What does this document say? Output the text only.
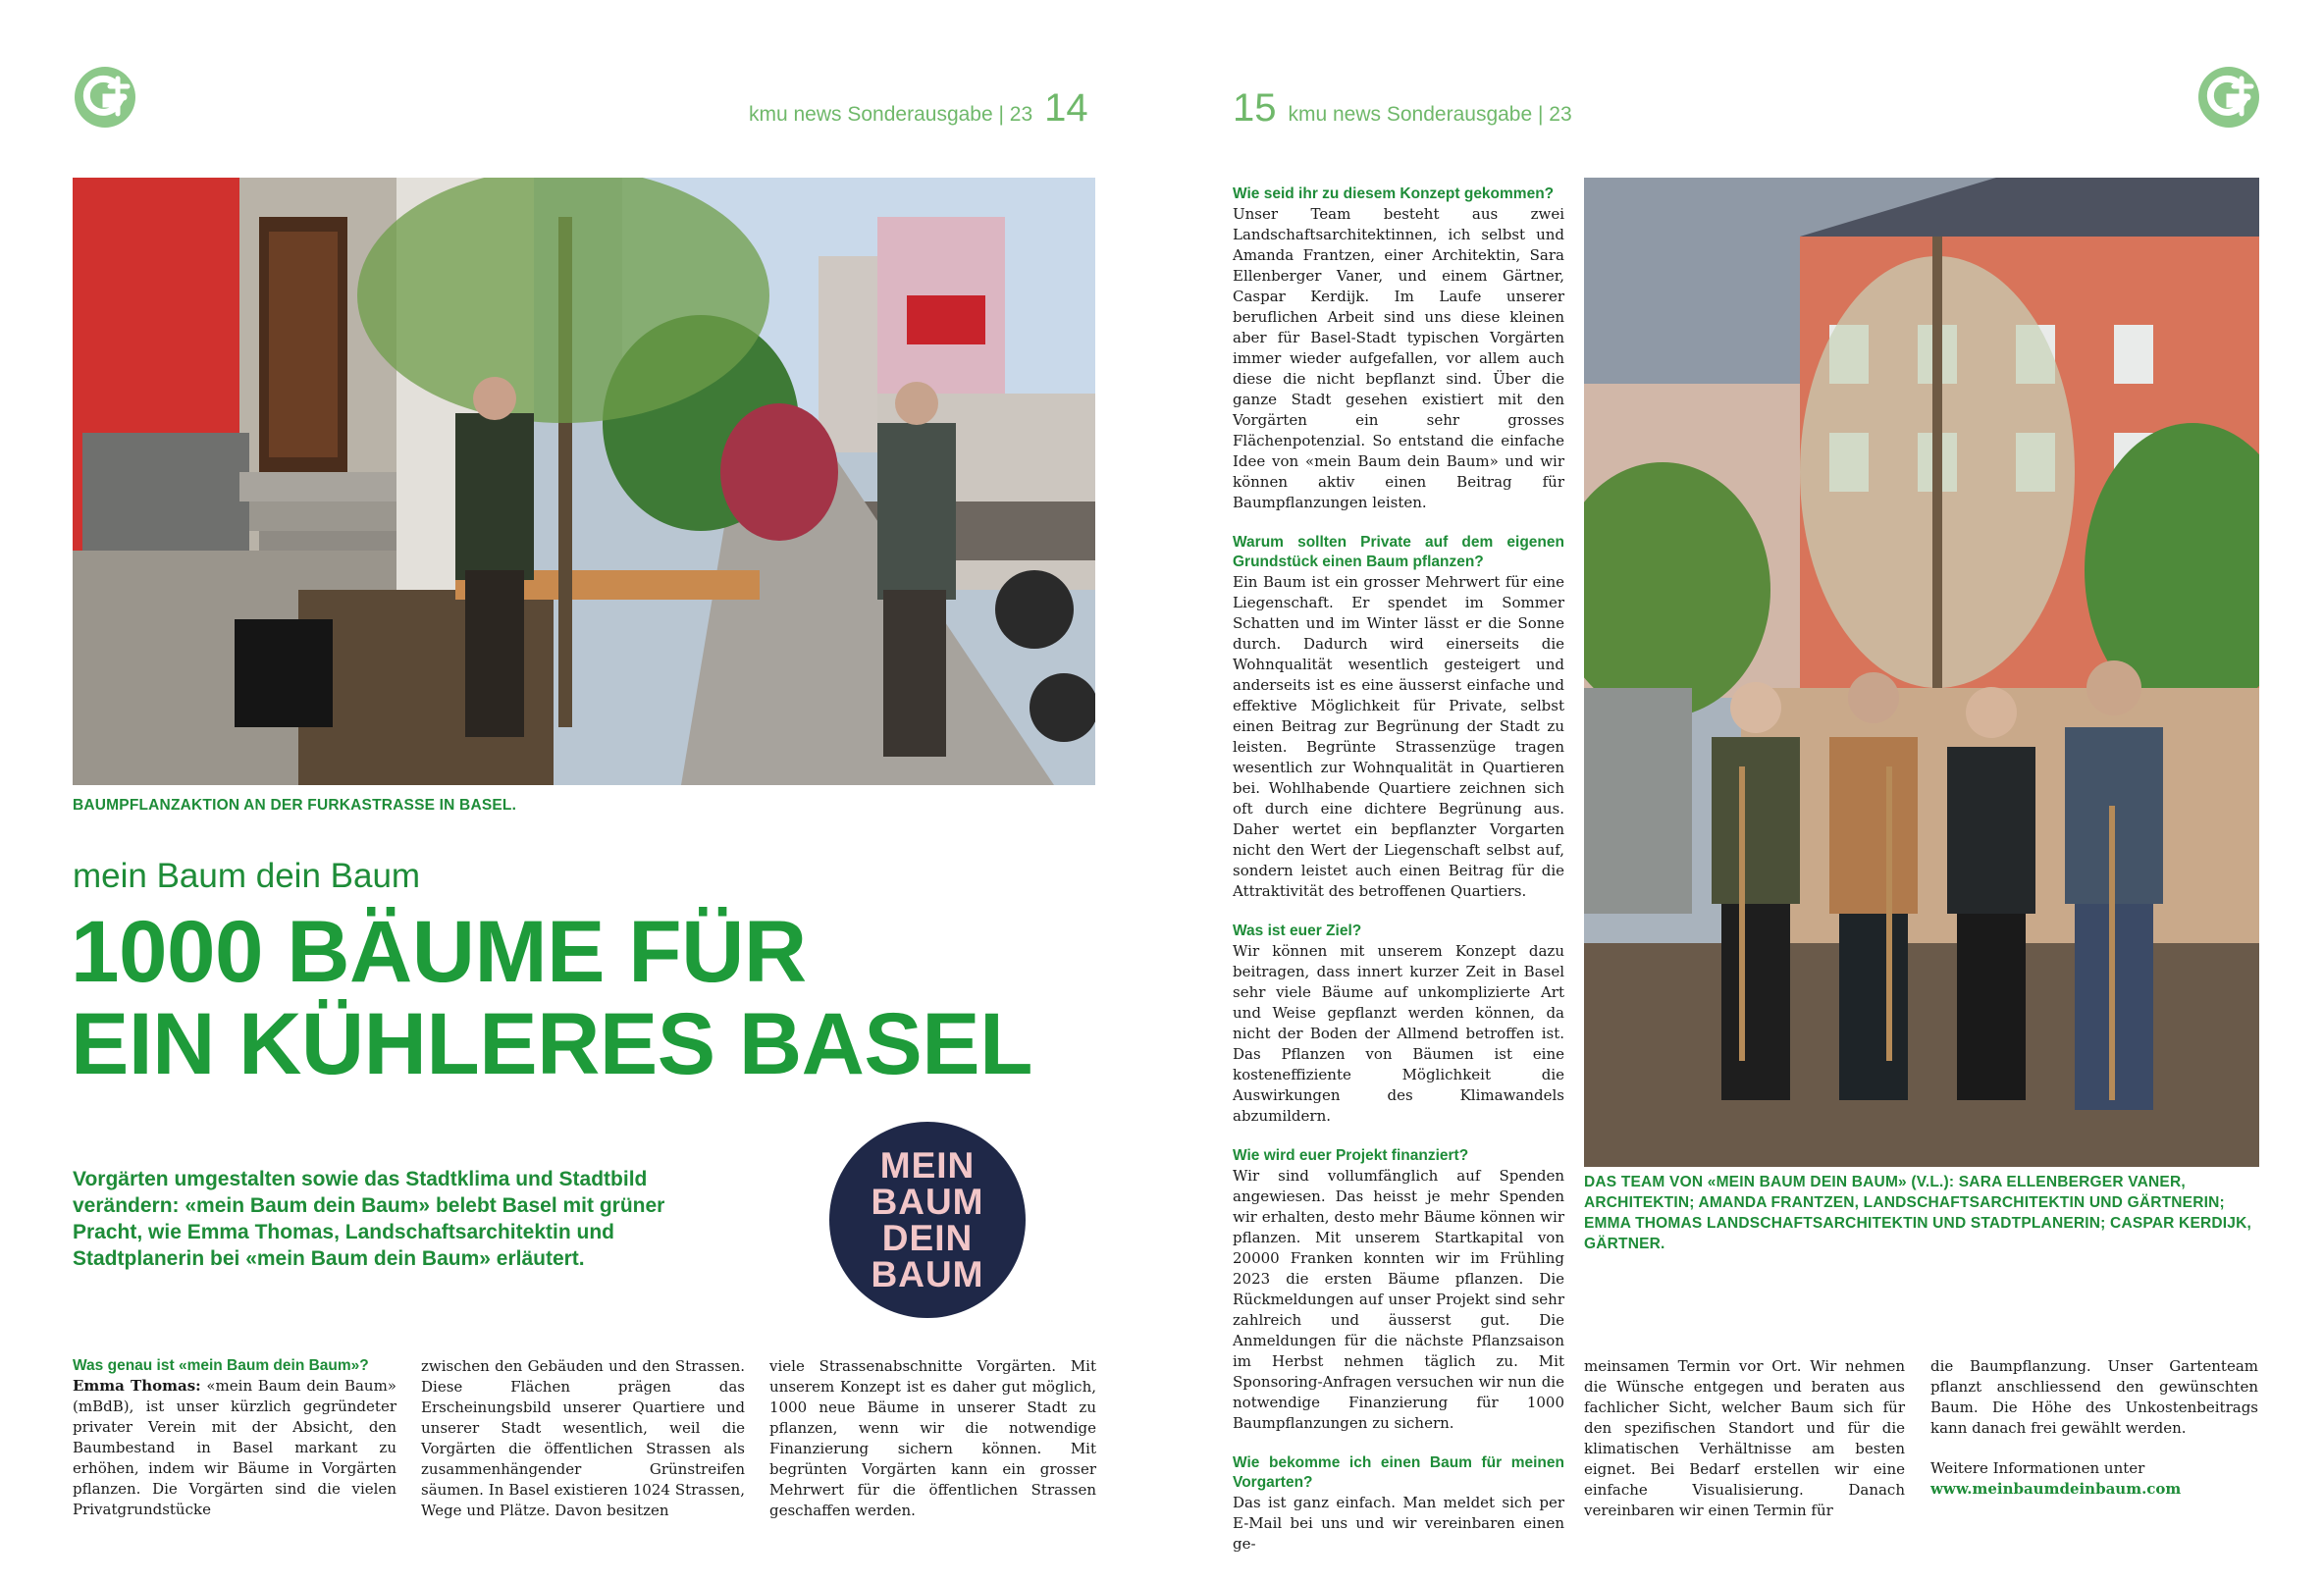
kmu news Sonderausgabe | 23 14
BAUMPFLANZAKTION AN DER FURKASTRASSE IN BASEL.
mein Baum dein Baum
1000 BÄUME FÜR
EIN KÜHLERES BASEL

Vorgärten umgestalten sowie das Stadtklima und Stadtbild verändern: «mein Baum dein Baum» belebt Basel mit grüner Pracht, wie Emma Thomas, Landschaftsarchitektin und Stadtplanerin bei «mein Baum dein Baum» erläutert.

MEIN
BAUM
DEIN
BAUM

Was genau ist «mein Baum dein Baum»?

Emma Thomas: «mein Baum dein Baum» (mBdB), ist unser kürzlich gegründeter privater Verein mit der Absicht, den Baumbestand in Basel markant zu erhöhen, indem wir Bäume in Vorgärten pflanzen. Die Vorgärten sind die vielen Privatgrundstücke

zwischen den Gebäuden und den Strassen. Diese Flächen prägen das Erscheinungsbild unserer Quartiere und unserer Stadt wesentlich, weil die Vorgärten die öffentlichen Strassen als zusammenhängender Grünstreifen säumen. In Basel existieren 1024 Strassen, Wege und Plätze. Davon besitzen

viele Strassenabschnitte Vorgärten. Mit unserem Konzept ist es daher gut möglich, 1000 neue Bäume in unserer Stadt zu pflanzen, wenn wir die notwendige Finanzierung sichern können. Mit begrünten Vorgärten kann ein grosser Mehrwert für die öffentlichen Strassen geschaffen werden.

15 kmu news Sonderausgabe | 23

Wie seid ihr zu diesem Konzept gekommen?

Unser Team besteht aus zwei Landschaftsarchitektinnen, ich selbst und Amanda Frantzen, einer Architektin, Sara Ellenberger Vaner, und einem Gärtner, Caspar Kerdijk. Im Laufe unserer beruflichen Arbeit sind uns diese kleinen aber für Basel-Stadt typischen Vorgärten immer wieder aufgefallen, vor allem auch diese die nicht bepflanzt sind. Über die ganze Stadt gesehen existiert mit den Vorgärten ein sehr grosses Flächenpotenzial. So entstand die einfache Idee von «mein Baum dein Baum» und wir können aktiv einen Beitrag für Baumpflanzungen leisten.

Warum sollten Private auf dem eigenen Grundstück einen Baum pflanzen?

Ein Baum ist ein grosser Mehrwert für eine Liegenschaft. Er spendet im Sommer Schatten und im Winter lässt er die Sonne durch. Dadurch wird einerseits die Wohnqualität wesentlich gesteigert und anderseits ist es eine äusserst einfache und effektive Möglichkeit für Private, selbst einen Beitrag zur Begrünung der Stadt zu leisten. Begrünte Strassenzüge tragen wesentlich zur Wohnqualität in Quartieren bei. Wohlhabende Quartiere zeichnen sich oft durch eine dichtere Begrünung aus. Daher wertet ein bepflanzter Vorgarten nicht den Wert der Liegenschaft selbst auf, sondern leistet auch einen Beitrag für die Attraktivität des betroffenen Quartiers.

Was ist euer Ziel?

Wir können mit unserem Konzept dazu beitragen, dass innert kurzer Zeit in Basel sehr viele Bäume auf unkomplizierte Art und Weise gepflanzt werden können, da nicht der Boden der Allmend betroffen ist. Das Pflanzen von Bäumen ist eine kosteneffiziente Möglichkeit die Auswirkungen des Klimawandels abzumildern.

Wie wird euer Projekt finanziert?

Wir sind vollumfänglich auf Spenden angewiesen. Das heisst je mehr Spenden wir erhalten, desto mehr Bäume können wir pflanzen. Mit unserem Startkapital von 20000 Franken konnten wir im Frühling 2023 die ersten Bäume pflanzen. Die Rückmeldungen auf unser Projekt sind sehr zahlreich und äusserst gut. Die Anmeldungen für die nächste Pflanzsaison im Herbst nehmen täglich zu. Mit Sponsoring-Anfragen versuchen wir nun die notwendige Finanzierung für 1000 Baumpflanzungen zu sichern.

Wie bekomme ich einen Baum für meinen Vorgarten?

Das ist ganz einfach. Man meldet sich per E-Mail bei uns und wir vereinbaren einen ge-

DAS TEAM VON «MEIN BAUM DEIN BAUM» (V.L.): SARA ELLENBERGER VANER, ARCHITEKTIN; AMANDA FRANTZEN, LANDSCHAFTSARCHITEKTIN UND GÄRTNERIN; EMMA THOMAS LANDSCHAFTSARCHITEKTIN UND STADTPLANERIN; CASPAR KERDIJK, GÄRTNER.

meinsamen Termin vor Ort. Wir nehmen die Wünsche entgegen und beraten aus fachlicher Sicht, welcher Baum sich für den spezifischen Standort und für die klimatischen Verhältnisse am besten eignet. Bei Bedarf erstellen wir eine einfache Visualisierung. Danach vereinbaren wir einen Termin für

die Baumpflanzung. Unser Gartenteam pflanzt anschliessend den gewünschten Baum. Die Höhe des Unkostenbeitrags kann danach frei gewählt werden.

Weitere Informationen unter

www.meinbaumdeinbaum.com
